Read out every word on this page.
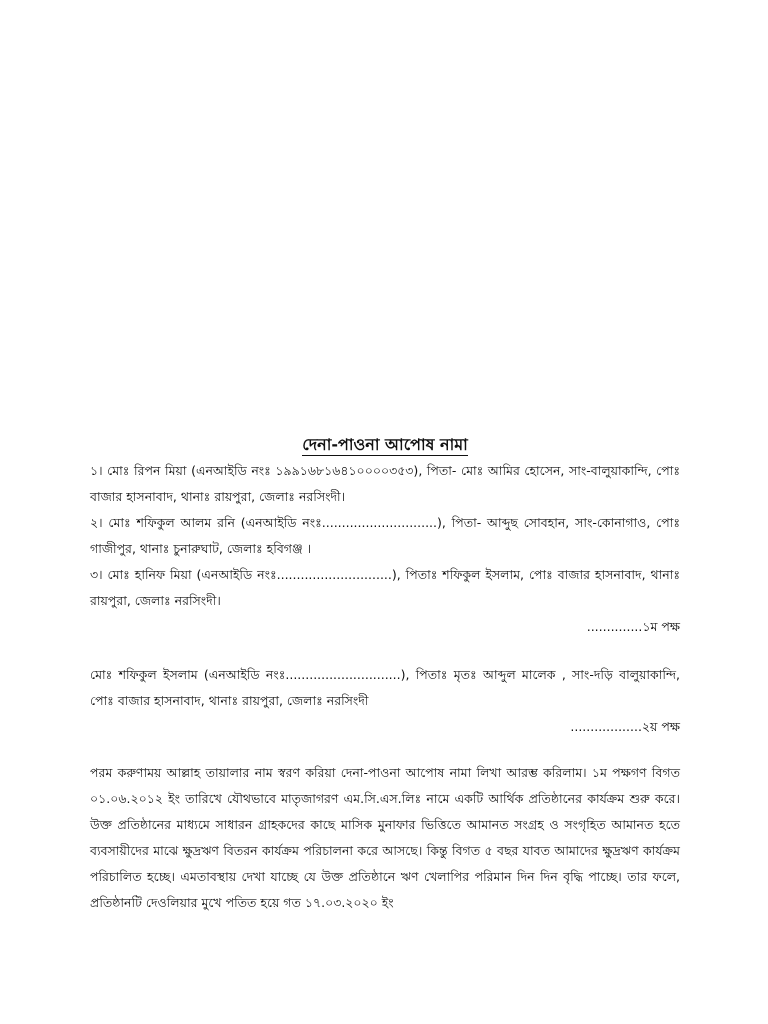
দেনা-পাওনা আপোষ নামা

১। মোঃ রিপন মিয়া (এনআইডি নংঃ ১৯৯১৬৮১৬৪১০০০০৩৫৩), পিতা- মোঃ আমির হোসেন, সাং-বালুয়াকান্দি, পোঃ বাজার হাসনাবাদ, থানাঃ রায়পুরা, জেলাঃ নরসিংদী।

২। মোঃ শফিকুল আলম রনি (এনআইডি নংঃ.............................), পিতা- আব্দুছ সোবহান, সাং-কোনাগাও, পোঃ গাজীপুর, থানাঃ চুনারুঘাট, জেলাঃ হবিগঞ্জ ।

৩। মোঃ হানিফ মিয়া (এনআইডি নংঃ.............................), পিতাঃ শফিকুল ইসলাম, পোঃ বাজার হাসনাবাদ, থানাঃ রায়পুরা, জেলাঃ নরসিংদী।

..............১ম পক্ষ

মোঃ শফিকুল ইসলাম (এনআইডি নংঃ.............................), পিতাঃ মৃতঃ আব্দুল মালেক , সাং-দড়ি বালুয়াকান্দি, পোঃ বাজার হাসনাবাদ, থানাঃ রায়পুরা, জেলাঃ নরসিংদী

..................২য় পক্ষ

পরম করুণাময় আল্লাহ তায়ালার নাম স্বরণ করিয়া দেনা-পাওনা আপোষ নামা লিখা আরম্ভ করিলাম। ১ম পক্ষগণ বিগত ০১.০৬.২০১২ ইং তারিখে যৌথভাবে মাতৃজাগরণ এম.সি.এস.লিঃ নামে একটি আর্থিক প্রতিষ্ঠানের কার্যক্রম শুরু করে। উক্ত প্রতিষ্ঠানের মাধ্যমে সাধারন গ্রাহকদের কাছে মাসিক মুনাফার ভিত্তিতে আমানত সংগ্রহ ও সংগৃহিত আমানত হতে ব্যবসায়ীদের মাঝে ক্ষুদ্রঋণ বিতরন কার্যক্রম পরিচালনা করে আসছে। কিন্তু বিগত ৫ বছর যাবত আমাদের ক্ষুদ্রঋণ কার্যক্রম পরিচালিত হচ্ছে। এমতাবস্থায় দেখা যাচ্ছে যে উক্ত প্রতিষ্ঠানে ঋণ খেলাপির পরিমান দিন দিন বৃদ্ধি পাচ্ছে। তার ফলে, প্রতিষ্ঠানটি দেওলিয়ার মুখে পতিত হয়ে গত ১৭.০৩.২০২০ ইং
